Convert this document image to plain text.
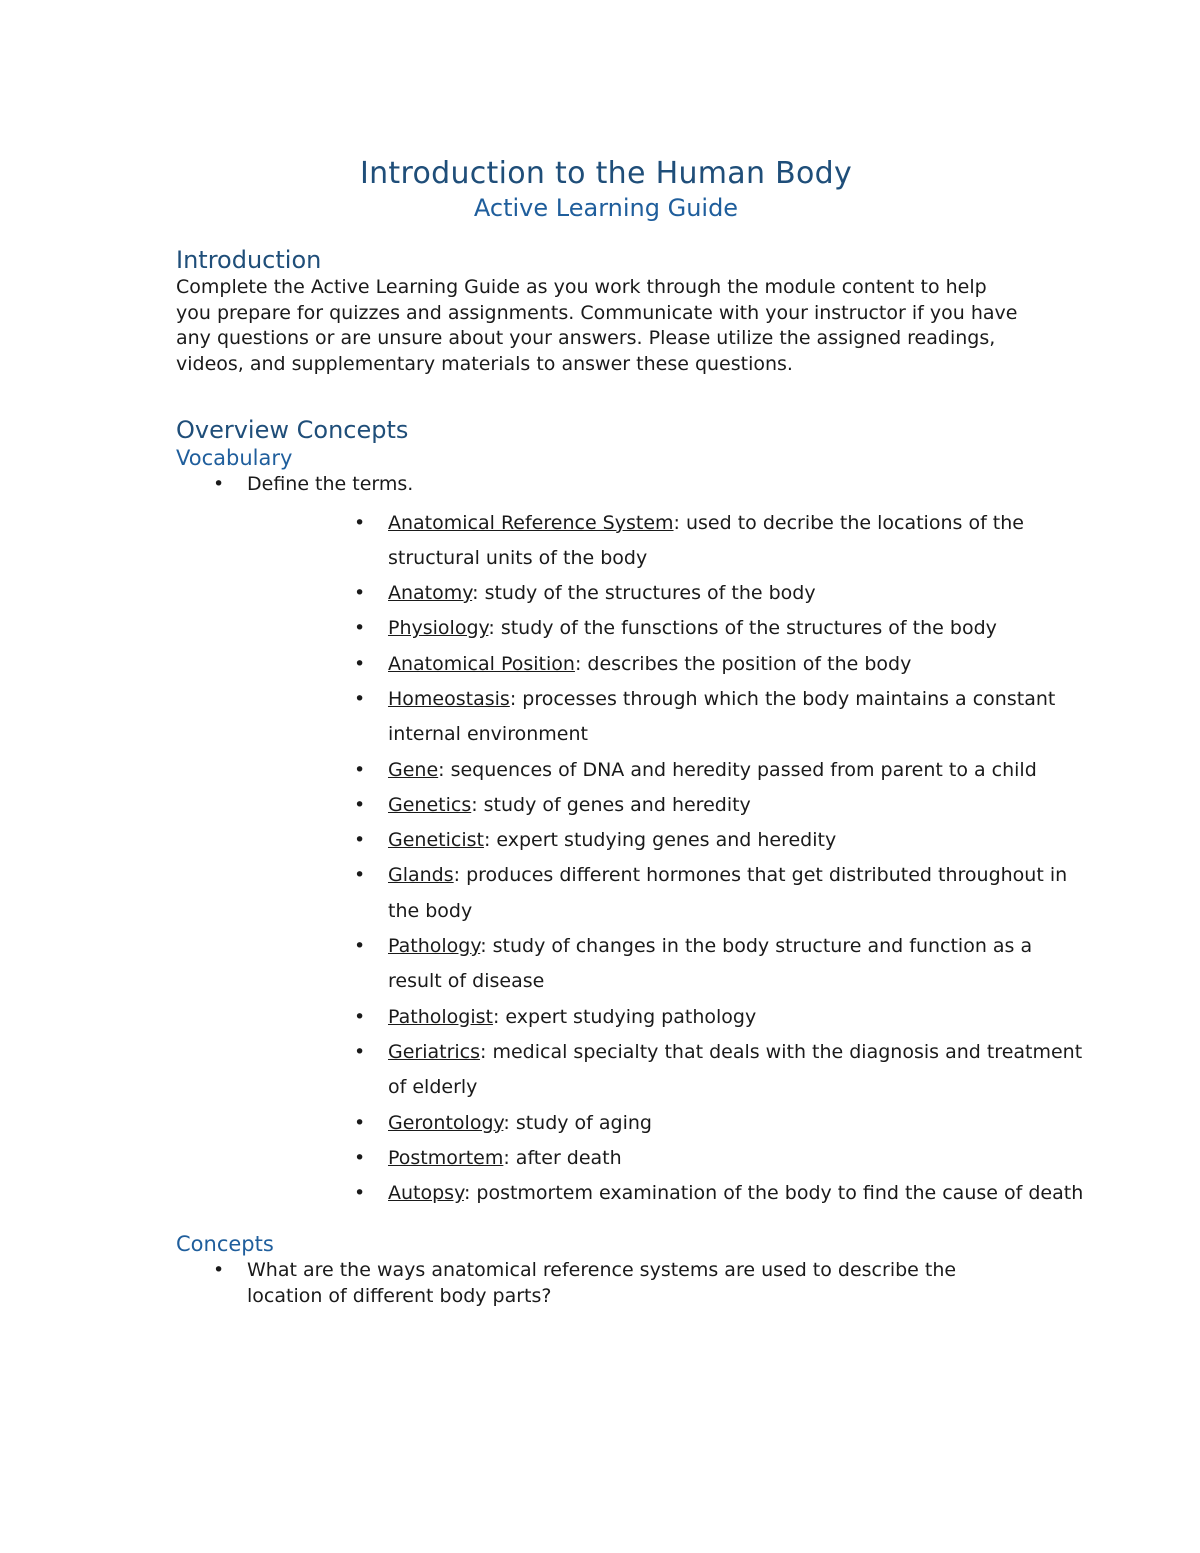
Introduction to the Human Body
Active Learning Guide
Introduction

Complete the Active Learning Guide as you work through the module content to help you prepare for quizzes and assignments. Communicate with your instructor if you have any questions or are unsure about your answers. Please utilize the assigned readings, videos, and supplementary materials to answer these questions.

Overview Concepts
Vocabulary
• Define the terms.
• Anatomical Reference System: used to decribe the locations of the structural units of the body
• Anatomy: study of the structures of the body
• Physiology: study of the funsctions of the structures of the body
• Anatomical Position: describes the position of the body
• Homeostasis: processes through which the body maintains a constant internal environment
• Gene: sequences of DNA and heredity passed from parent to a child
• Genetics: study of genes and heredity
• Geneticist: expert studying genes and heredity
• Glands: produces different hormones that get distributed throughout in the body
• Pathology: study of changes in the body structure and function as a result of disease
• Pathologist: expert studying pathology
• Geriatrics: medical specialty that deals with the diagnosis and treatment of elderly
• Gerontology: study of aging
• Postmortem: after death
• Autopsy: postmortem examination of the body to find the cause of death
Concepts
• What are the ways anatomical reference systems are used to describe the location of different body parts?
